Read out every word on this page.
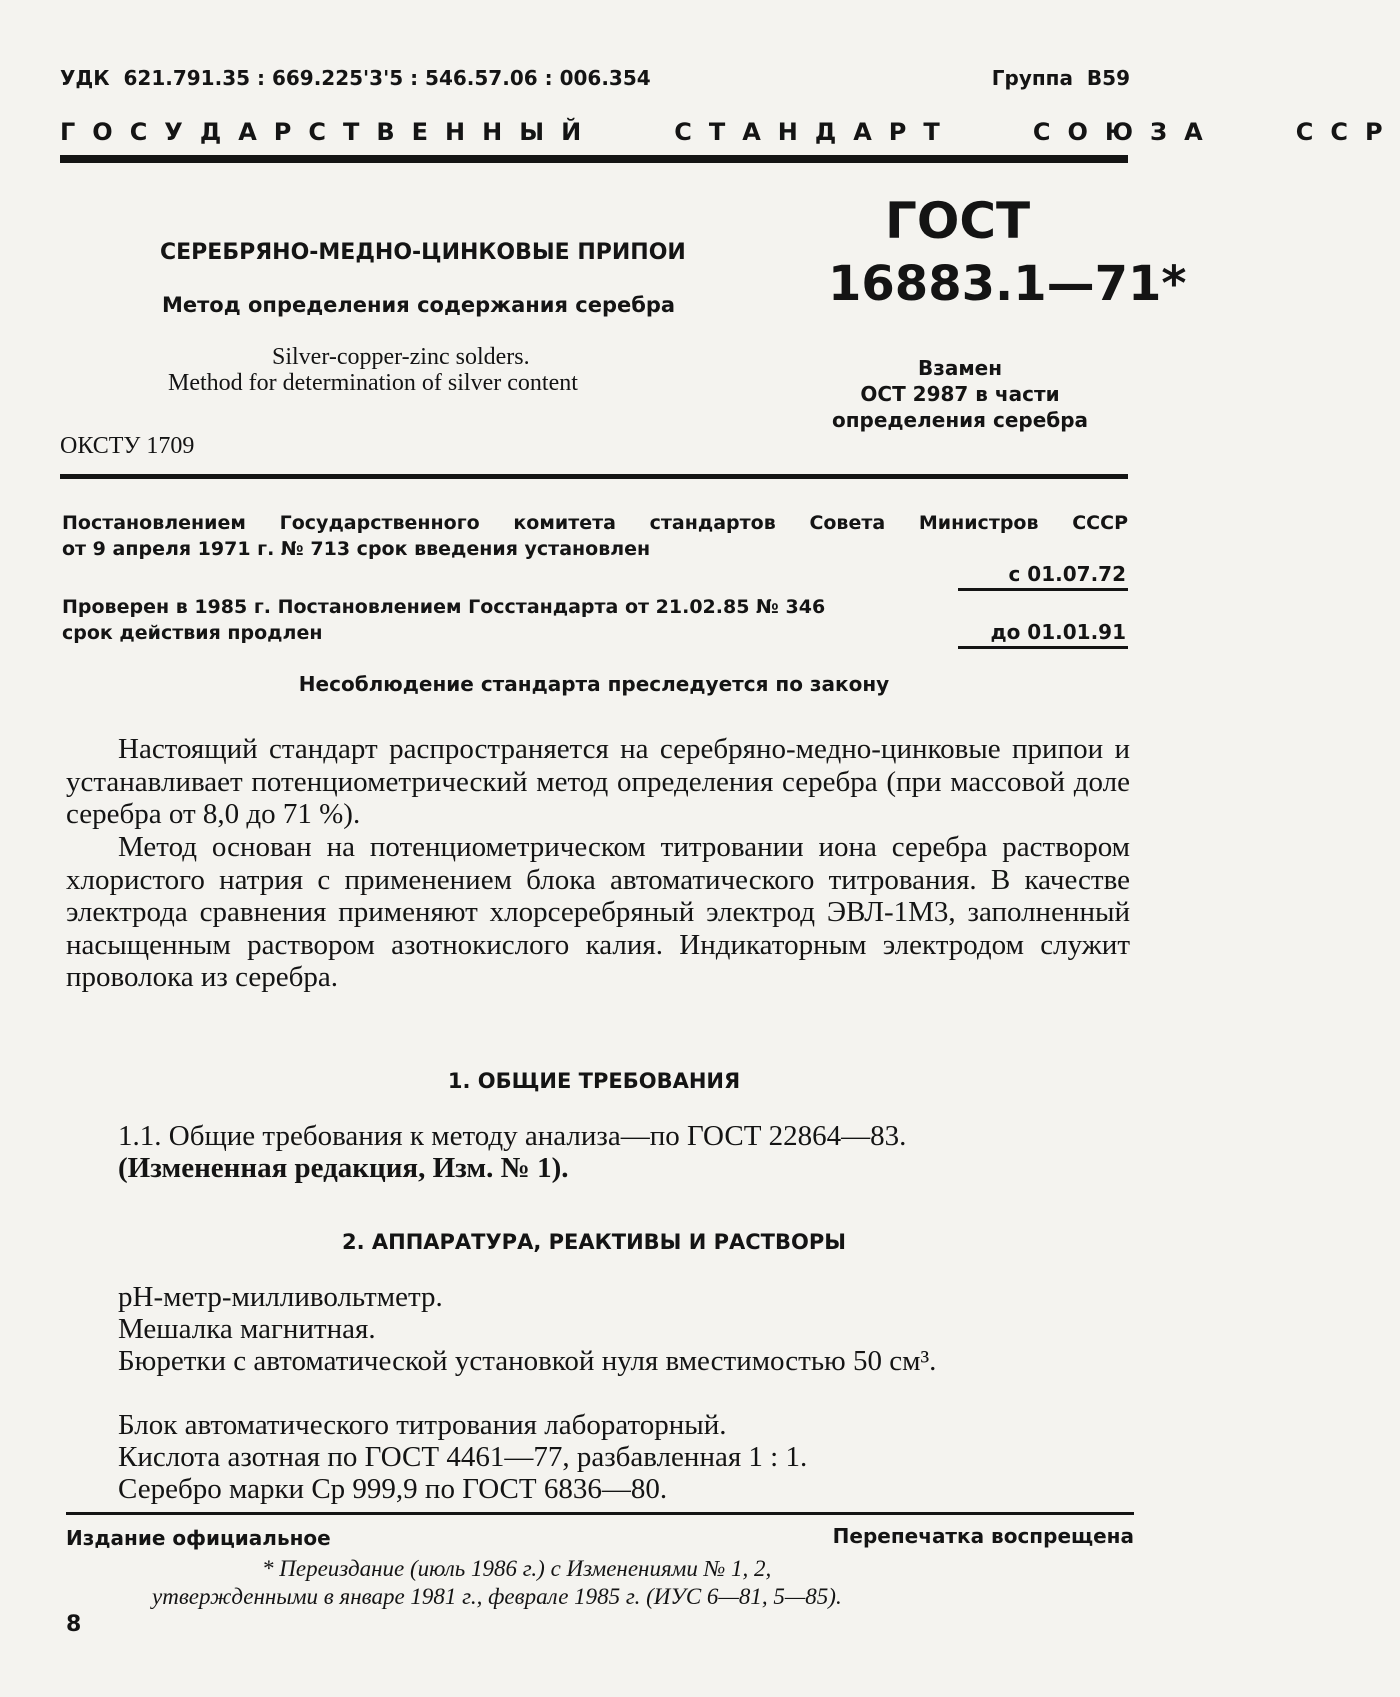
УДК  621.791.35 : 669.225'3'5 : 546.57.06 : 006.354	Группа  В59
ГОСУДАРСТВЕННЫЙ   СТАНДАРТ   СОЮЗА   ССР
СЕРЕБРЯНО-МЕДНО-ЦИНКОВЫЕ ПРИПОИ
Метод определения содержания серебра
Silver-copper-zinc solders.
Method for determination of silver content
ГОСТ
16883.1—71*
Взамен
ОСТ 2987 в части
определения серебра
ОКСТУ 1709
Постановлением Государственного комитета стандартов Совета Министров СССР
от 9 апреля 1971 г. № 713 срок введения установлен
с 01.07.72
Проверен в 1985 г. Постановлением Госстандарта от 21.02.85 № 346
срок действия продлен	до 01.01.91
Несоблюдение стандарта преследуется по закону

Настоящий стандарт распространяется на серебряно-медно-цинковые припои и устанавливает потенциометрический метод определения серебра (при массовой доле серебра от 8,0 до 71 %).

Метод основан на потенциометрическом титровании иона серебра раствором хлористого натрия с применением блока автоматического титрования. В качестве электрода сравнения применяют хлорсеребряный электрод ЭВЛ-1М3, заполненный насыщенным раствором азотнокислого калия. Индикаторным электродом служит проволока из серебра.

1. ОБЩИЕ ТРЕБОВАНИЯ

1.1. Общие требования к методу анализа—по ГОСТ 22864—83.

(Измененная редакция, Изм. № 1).

2. АППАРАТУРА, РЕАКТИВЫ И РАСТВОРЫ

pH-метр-милливольтметр.

Мешалка магнитная.

Бюретки с автоматической установкой нуля вместимостью 50 см³.

Блок автоматического титрования лабораторный.

Кислота азотная по ГОСТ 4461—77, разбавленная 1 : 1.

Серебро марки Ср 999,9 по ГОСТ 6836—80.

Издание официальное	Перепечатка воспрещена
* Переиздание (июль 1986 г.) с Изменениями № 1, 2,
утвержденными в январе 1981 г., феврале 1985 г. (ИУС 6—81, 5—85).
8
